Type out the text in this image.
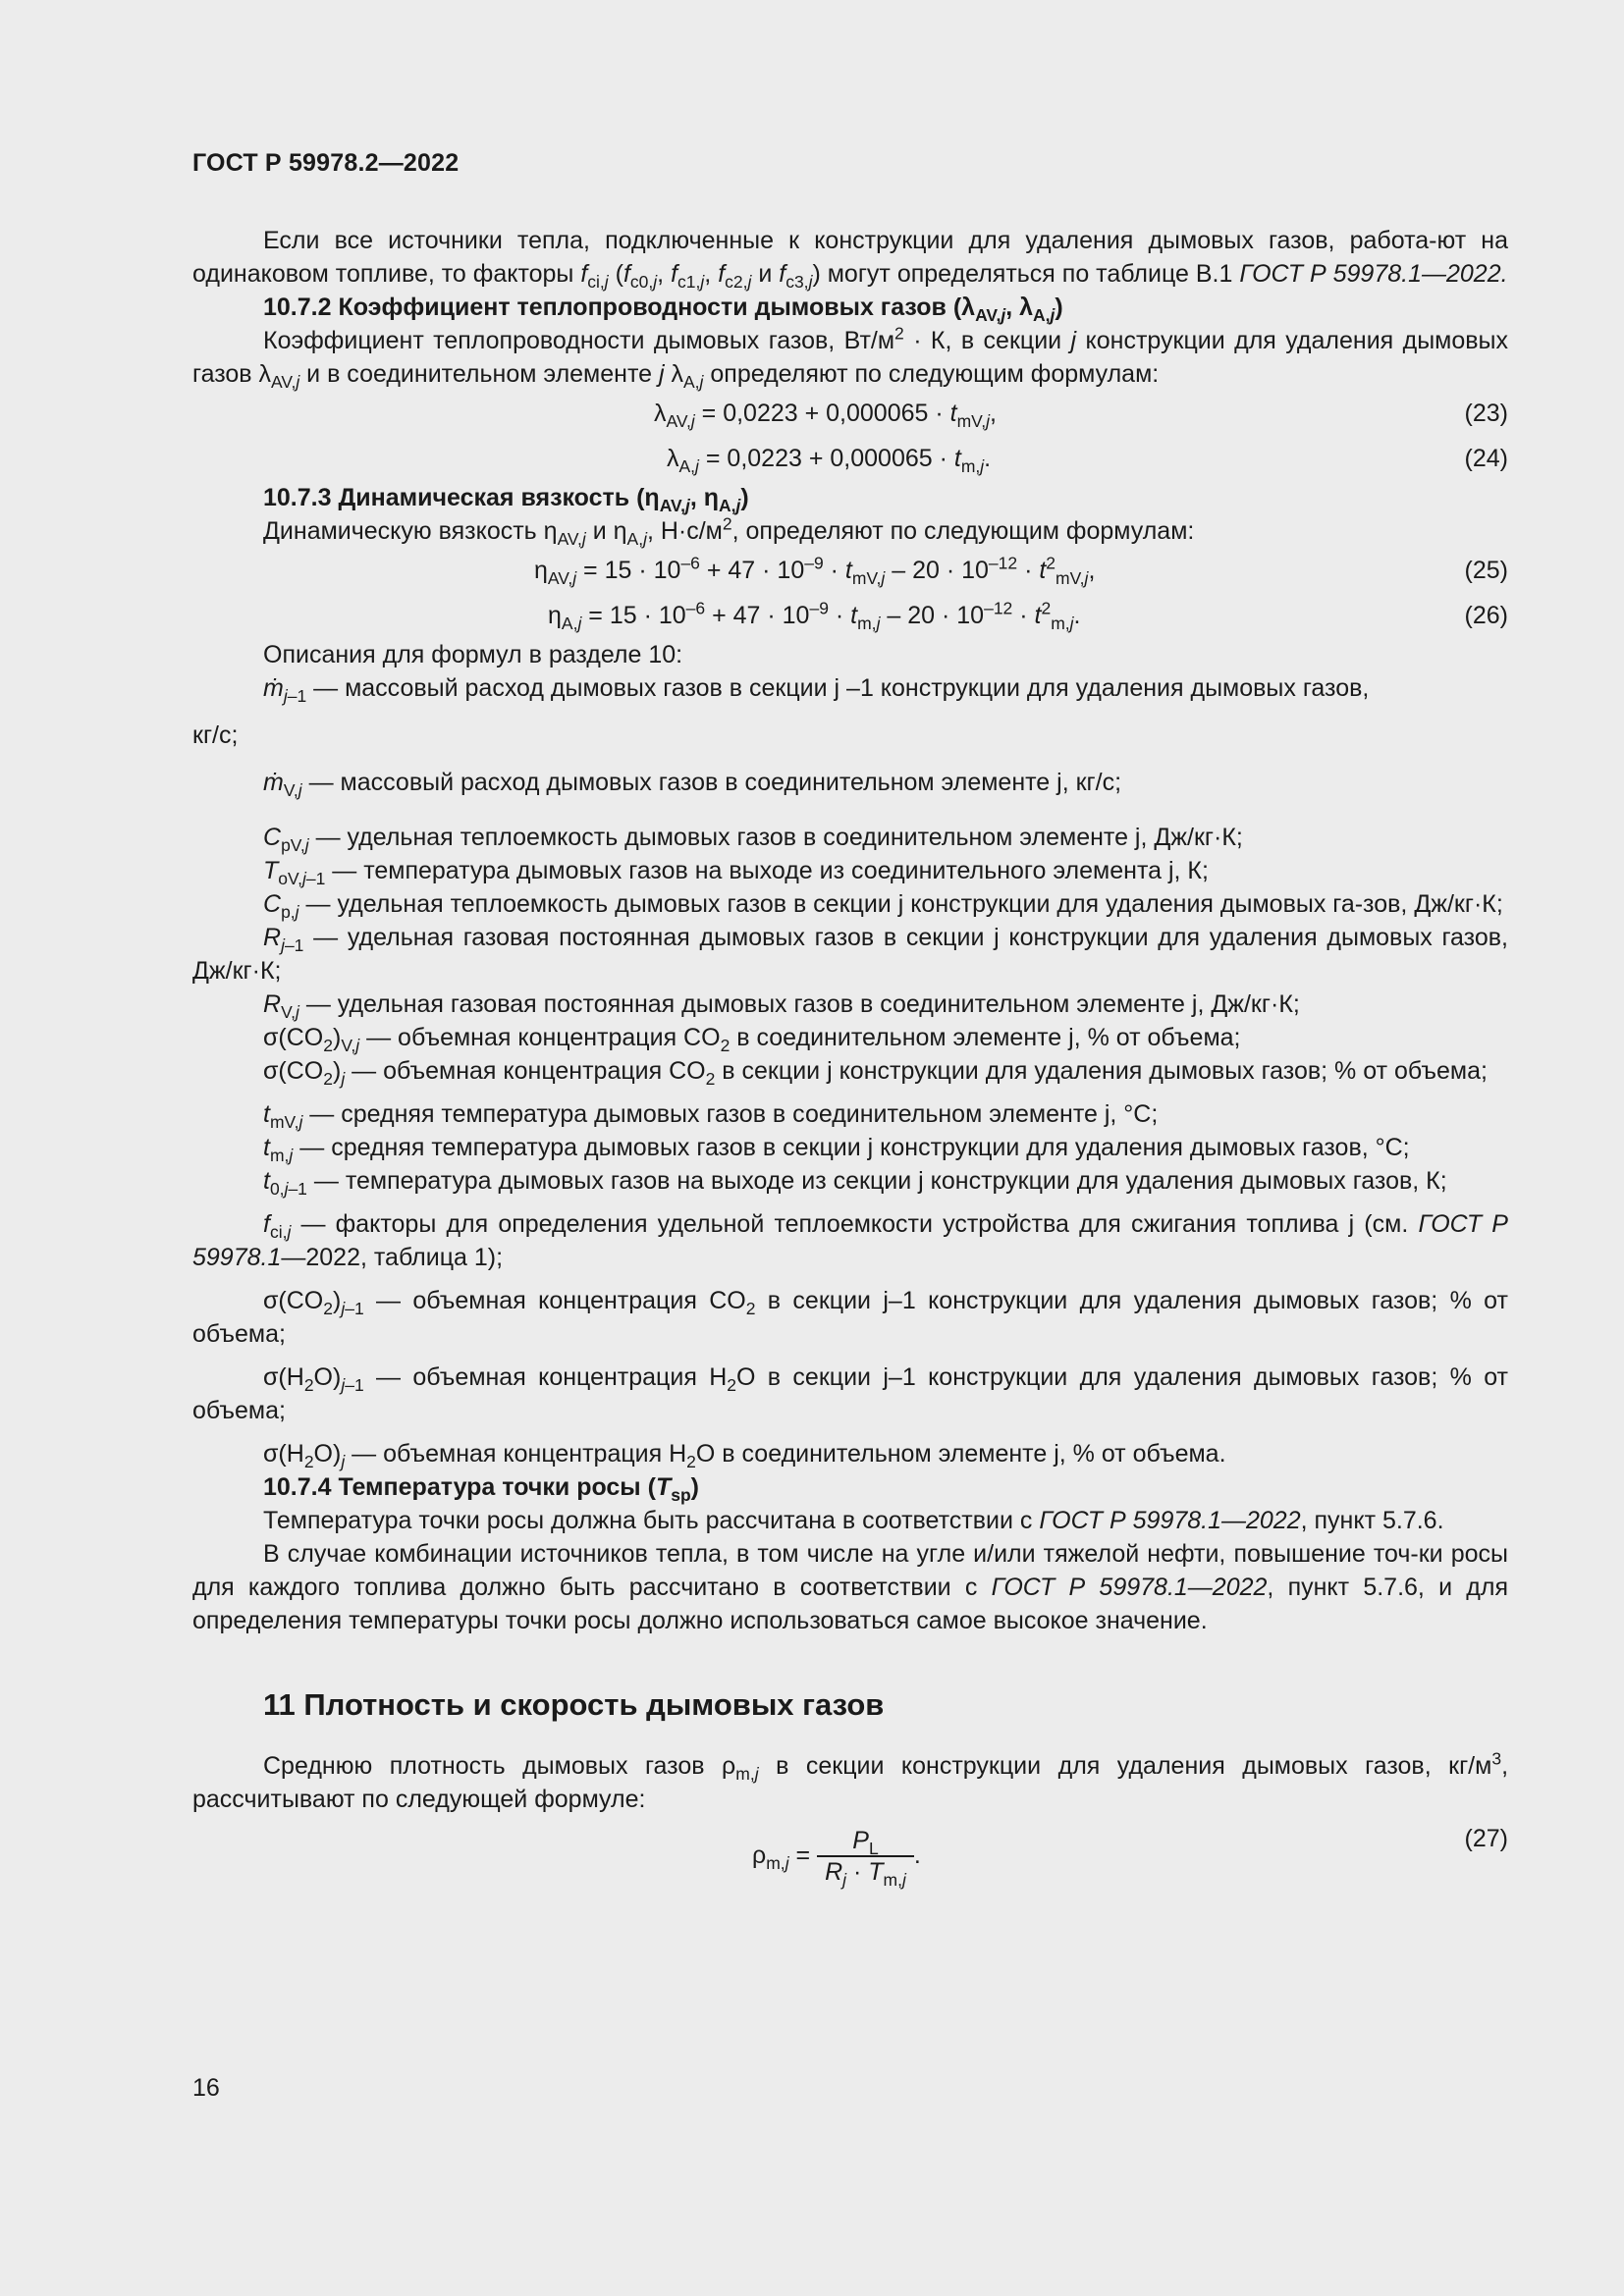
ГОСТ Р 59978.2—2022

Если все источники тепла, подключенные к конструкции для удаления дымовых газов, работа-ют на одинаковом топливе, то факторы $f_{ci,j}$ ($f_{c0,j}$, $f_{c1,j}$, $f_{c2,j}$ и $f_{c3,j}$) могут определяться по таблице В.1 ГОСТ Р 59978.1—2022.

10.7.2 Коэффициент теплопроводности дымовых газов ($\lambda_{AV,j}$, $\lambda_{A,j}$)

Коэффициент теплопроводности дымовых газов, $Вт/м^2 \cdot К$, в секции j конструкции для удаления дымовых газов $\lambda_{AV,j}$ и в соединительном элементе j $\lambda_{A,j}$ определяют по следующим формулам:

$\lambda_{AV,j} = 0,0223 + 0,000065 \cdot t_{mV,j}$,	(23)
$\lambda_{A,j} = 0,0223 + 0,000065 \cdot t_{m,j}$.	(24)

10.7.3 Динамическая вязкость ($\eta_{AV,j}$, $\eta_{A,j}$)

Динамическую вязкость $\eta_{AV,j}$ и $\eta_{A,j}$, $Н\cdot с/м^2$, определяют по следующим формулам:

$\eta_{AV,j} = 15 \cdot 10^{-6} + 47 \cdot 10^{-9} \cdot t_{mV,j} - 20 \cdot 10^{-12} \cdot t^2_{mV,j}$,	(25)
$\eta_{A,j} = 15 \cdot 10^{-6} + 47 \cdot 10^{-9} \cdot t_{m,j} - 20 \cdot 10^{-12} \cdot t^2_{m,j}$.	(26)

Описания для формул в разделе 10:

ṁ$_{j-1}$ — массовый расход дымовых газов в секции j –1 конструкции для удаления дымовых газов,

кг/с;

ṁ$_{V,j}$ — массовый расход дымовых газов в соединительном элементе j, кг/с;

$C_{pV,j}$ — удельная теплоемкость дымовых газов в соединительном элементе j, Дж/кг·К;

$T_{oV,j-1}$ — температура дымовых газов на выходе из соединительного элемента j, К;

$C_{p,j}$ — удельная теплоемкость дымовых газов в секции j конструкции для удаления дымовых га-зов, Дж/кг·К;

$R_{j-1}$ — удельная газовая постоянная дымовых газов в секции j конструкции для удаления дымовых газов, Дж/кг·К;

$R_{V,j}$ — удельная газовая постоянная дымовых газов в соединительном элементе j, Дж/кг·К;

$\sigma(CO_2)_{V,j}$ — объемная концентрация $CO_2$ в соединительном элементе j, % от объема;

$\sigma(CO_2)_j$ — объемная концентрация $CO_2$ в секции j конструкции для удаления дымовых газов; % от объема;

$t_{mV,j}$ — средняя температура дымовых газов в соединительном элементе j, °C;

$t_{m,j}$ — средняя температура дымовых газов в секции j конструкции для удаления дымовых газов, °C;

$t_{0,j-1}$ — температура дымовых газов на выходе из секции j конструкции для удаления дымовых газов, К;

$f_{ci,j}$ — факторы для определения удельной теплоемкости устройства для сжигания топлива j (см. ГОСТ Р 59978.1—2022, таблица 1);

$\sigma(CO_2)_{j-1}$ — объемная концентрация $CO_2$ в секции j–1 конструкции для удаления дымовых газов; % от объема;

$\sigma(H_2O)_{j-1}$ — объемная концентрация $H_2O$ в секции j–1 конструкции для удаления дымовых газов; % от объема;

$\sigma(H_2O)_j$ — объемная концентрация $H_2O$ в соединительном элементе j, % от объема.

10.7.4 Температура точки росы $(T_{sp})$

Температура точки росы должна быть рассчитана в соответствии с ГОСТ Р 59978.1—2022, пункт 5.7.6.

В случае комбинации источников тепла, в том числе на угле и/или тяжелой нефти, повышение точ-ки росы для каждого топлива должно быть рассчитано в соответствии с ГОСТ Р 59978.1—2022, пункт 5.7.6, и для определения температуры точки росы должно использоваться самое высокое значение.

11 Плотность и скорость дымовых газов

Среднюю плотность дымовых газов $\rho_{m,j}$ в секции конструкции для удаления дымовых газов, $кг/м^3$, рассчитывают по следующей формуле:

$\rho_{m,j} = \frac{P_L}{R_j \cdot T_{m,j}}$ .
(27)
16
